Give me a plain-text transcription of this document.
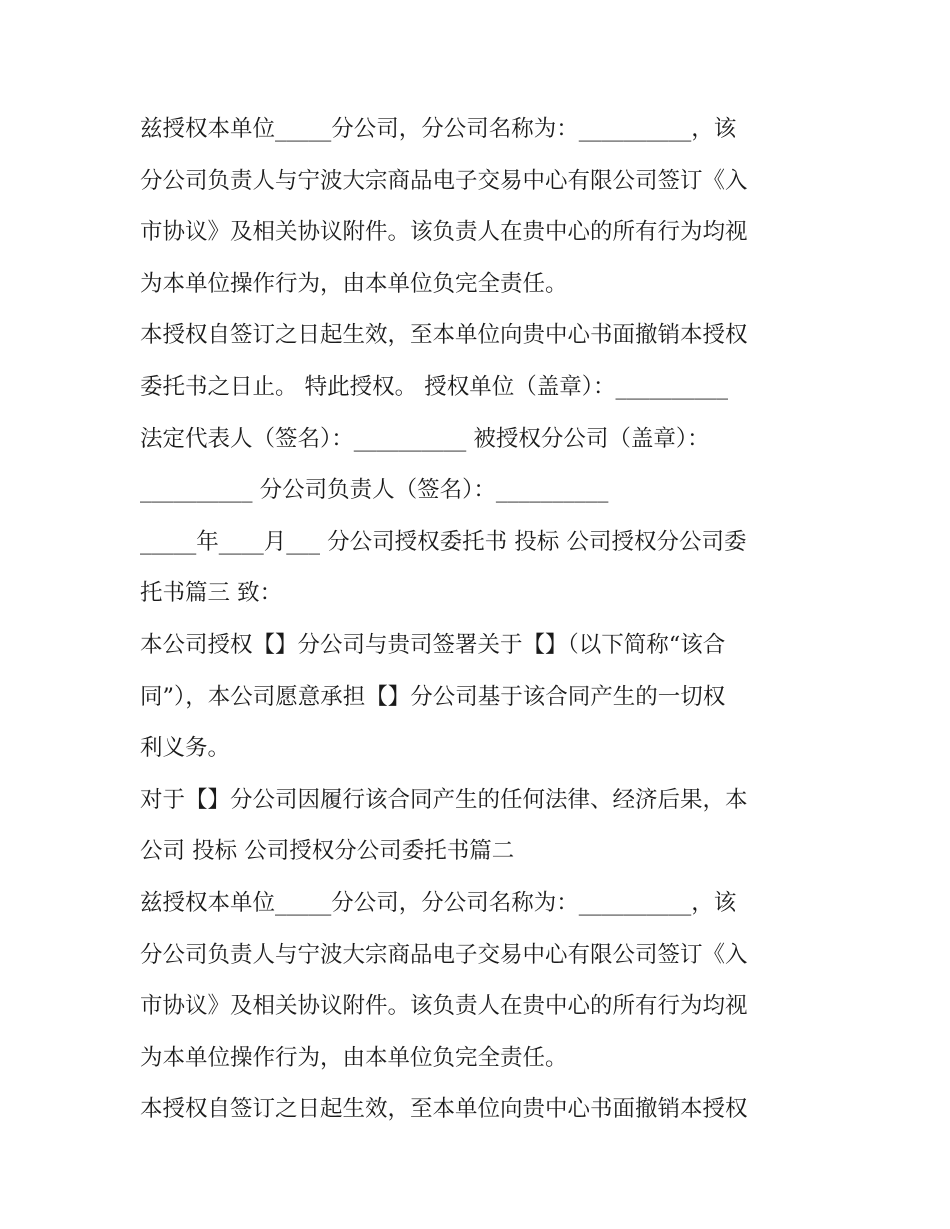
兹授权本单位_____分公司，分公司名称为：__________，该
分公司负责人与宁波大宗商品电子交易中心有限公司签订《入
市协议》及相关协议附件。该负责人在贵中心的所有行为均视
为本单位操作行为，由本单位负完全责任。
本授权自签订之日起生效，至本单位向贵中心书面撤销本授权
委托书之日止。 特此授权。 授权单位（盖章）：__________
法定代表人（签名）：__________ 被授权分公司（盖章）：
__________ 分公司负责人（签名）：__________
_____年____月___ 分公司授权委托书 投标 公司授权分公司委
托书篇三 致：
本公司授权【】分公司与贵司签署关于【】（以下简称“该合
同”），本公司愿意承担【】分公司基于该合同产生的一切权
利义务。
对于【】分公司因履行该合同产生的任何法律、经济后果，本
公司 投标 公司授权分公司委托书篇二
兹授权本单位_____分公司，分公司名称为：__________，该
分公司负责人与宁波大宗商品电子交易中心有限公司签订《入
市协议》及相关协议附件。该负责人在贵中心的所有行为均视
为本单位操作行为，由本单位负完全责任。
本授权自签订之日起生效，至本单位向贵中心书面撤销本授权
